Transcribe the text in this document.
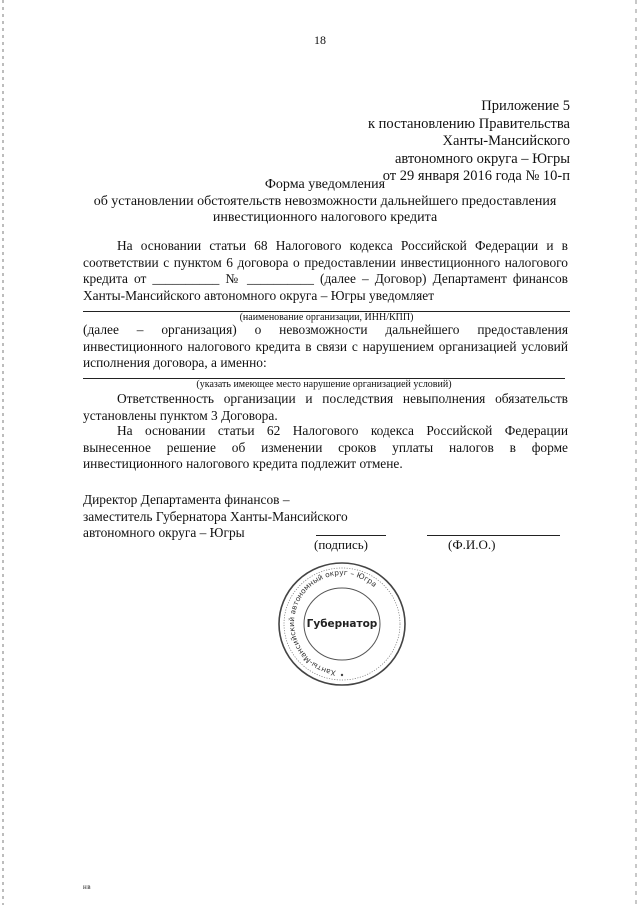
18
Приложение 5
к постановлению Правительства
Ханты-Мансийского
автономного округа – Югры
от 29 января 2016 года № 10-п
Форма уведомления
об установлении обстоятельств невозможности дальнейшего предоставления
инвестиционного налогового кредита
На основании статьи 68 Налогового кодекса Российской Федерации и в соответствии с пунктом 6 договора о предоставлении инвестиционного налогового кредита от __________ № __________ (далее – Договор) Департамент финансов Ханты-Мансийского автономного округа – Югры уведомляет
(наименование организации, ИНН/КПП)
(далее – организация) о невозможности дальнейшего предоставления инвестиционного налогового кредита в связи с нарушением организацией условий исполнения договора, а именно:
(указать имеющее место нарушение организацией условий)
Ответственность организации и последствия невыполнения обязательств установлены пунктом 3 Договора.
На основании статьи 62 Налогового кодекса Российской Федерации вынесенное решение об изменении сроков уплаты налогов в форме инвестиционного налогового кредита подлежит отмене.
Директор Департамента финансов –
заместитель Губернатора Ханты-Мансийского
автономного округа – Югры
(подпись)	(Ф.И.О.)
Ханты-Мансийский автономный округ – Югра
Губернатор
нв
